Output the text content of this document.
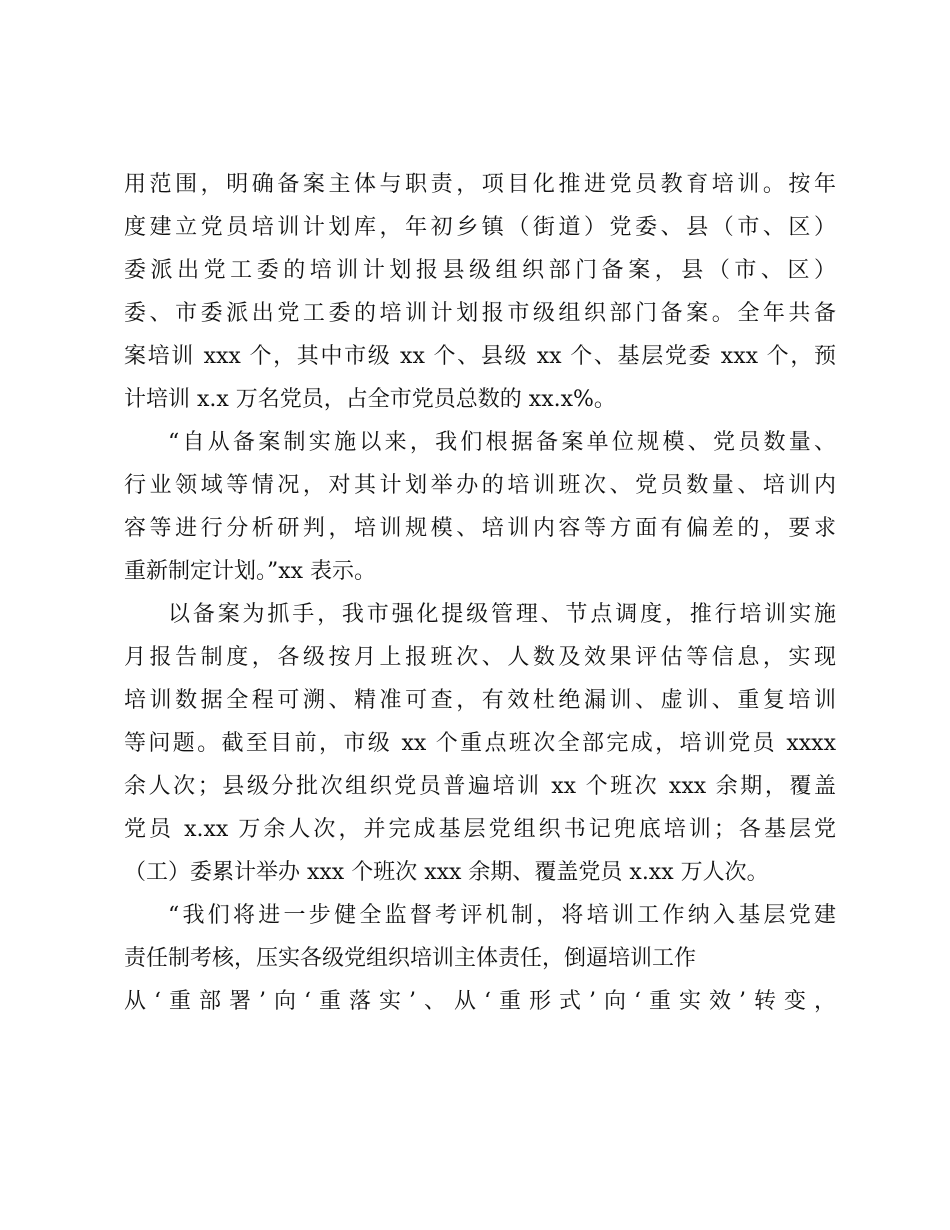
用范围，明确备案主体与职责，项目化推进党员教育培训。按年

度建立党员培训计划库，年初乡镇（街道）党委、县（市、区）

委派出党工委的培训计划报县级组织部门备案，县（市、区）

委、市委派出党工委的培训计划报市级组织部门备案。全年共备

案培训 xxx 个，其中市级 xx 个、县级 xx 个、基层党委 xxx 个，预

计培训 x.x 万名党员，占全市党员总数的 xx.x%。

“自从备案制实施以来，我们根据备案单位规模、党员数量、

行业领域等情况，对其计划举办的培训班次、党员数量、培训内

容等进行分析研判，培训规模、培训内容等方面有偏差的，要求

重新制定计划。”xx 表示。

以备案为抓手，我市强化提级管理、节点调度，推行培训实施

月报告制度，各级按月上报班次、人数及效果评估等信息，实现

培训数据全程可溯、精准可查，有效杜绝漏训、虚训、重复培训

等问题。截至目前，市级 xx 个重点班次全部完成，培训党员 xxxx

余人次；县级分批次组织党员普遍培训 xx 个班次 xxx 余期，覆盖

党员 x.xx 万余人次，并完成基层党组织书记兜底培训；各基层党

（工）委累计举办 xxx 个班次 xxx 余期、覆盖党员 x.xx 万人次。

“我们将进一步健全监督考评机制，将培训工作纳入基层党建

责任制考核，压实各级党组织培训主体责任，倒逼培训工作

从‘重部署’向‘重落实’、从‘重形式’向‘重实效’转变，
